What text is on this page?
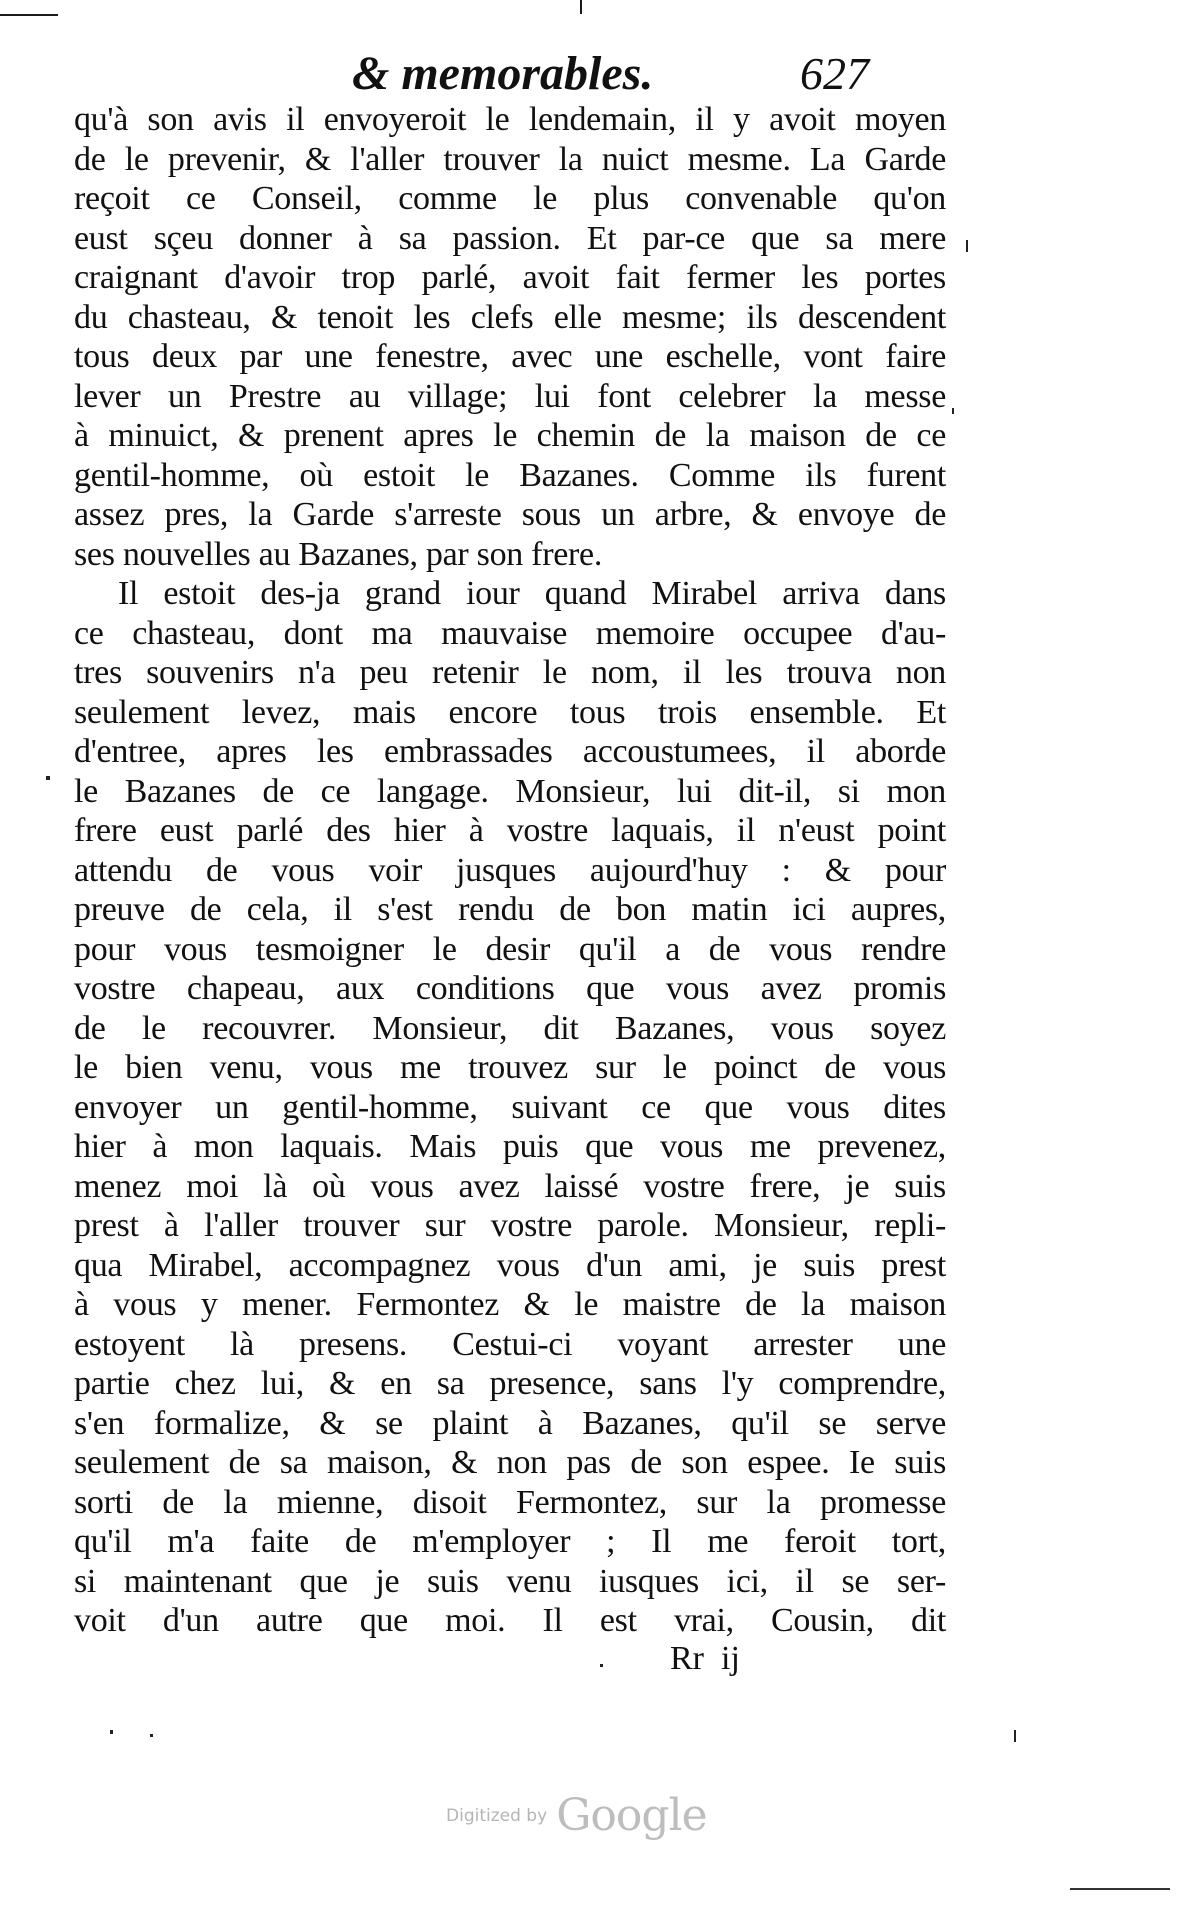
& memorables.	627
qu'à son avis il envoyeroit le lendemain, il y avoit moyen
de le prevenir, & l'aller trouver la nuict mesme. La Garde
reçoit ce Conseil, comme le plus convenable qu'on
eust sçeu donner à sa passion. Et par-ce que sa mere
craignant d'avoir trop parlé, avoit fait fermer les portes
du chasteau, & tenoit les clefs elle mesme; ils descendent
tous deux par une fenestre, avec une eschelle, vont faire
lever un Prestre au village; lui font celebrer la messe
à minuict, & prenent apres le chemin de la maison de ce
gentil-homme, où estoit le Bazanes. Comme ils furent
assez pres, la Garde s'arreste sous un arbre, & envoye de
ses nouvelles au Bazanes, par son frere.
Il estoit des-ja grand iour quand Mirabel arriva dans
ce chasteau, dont ma mauvaise memoire occupee d'au-
tres souvenirs n'a peu retenir le nom, il les trouva non
seulement levez, mais encore tous trois ensemble. Et
d'entree, apres les embrassades accoustumees, il aborde
le Bazanes de ce langage. Monsieur, lui dit-il, si mon
frere eust parlé des hier à vostre laquais, il n'eust point
attendu de vous voir jusques aujourd'huy : & pour
preuve de cela, il s'est rendu de bon matin ici aupres,
pour vous tesmoigner le desir qu'il a de vous rendre
vostre chapeau, aux conditions que vous avez promis
de le recouvrer. Monsieur, dit Bazanes, vous soyez
le bien venu, vous me trouvez sur le poinct de vous
envoyer un gentil-homme, suivant ce que vous dites
hier à mon laquais. Mais puis que vous me prevenez,
menez moi là où vous avez laissé vostre frere, je suis
prest à l'aller trouver sur vostre parole. Monsieur, repli-
qua Mirabel, accompagnez vous d'un ami, je suis prest
à vous y mener. Fermontez & le maistre de la maison
estoyent là presens. Cestui-ci voyant arrester une
partie chez lui, & en sa presence, sans l'y comprendre,
s'en formalize, & se plaint à Bazanes, qu'il se serve
seulement de sa maison, & non pas de son espee. Ie suis
sorti de la mienne, disoit Fermontez, sur la promesse
qu'il m'a faite de m'employer ; Il me feroit tort,
si maintenant que je suis venu iusques ici, il se ser-
voit d'un autre que moi. Il est vrai, Cousin, dit
Rr  ij
Digitized by Google
